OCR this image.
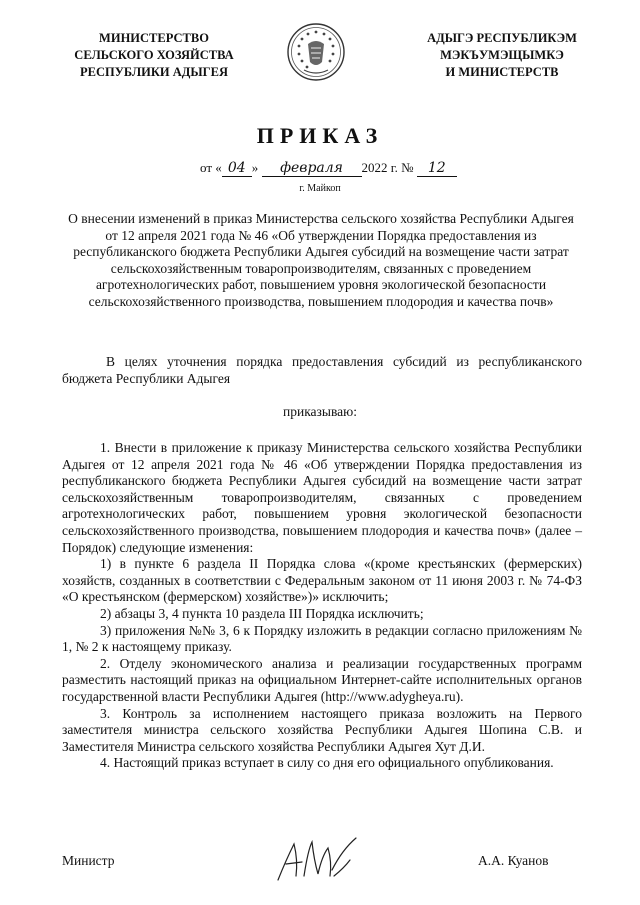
МИНИСТЕРСТВО
СЕЛЬСКОГО ХОЗЯЙСТВА
РЕСПУБЛИКИ АДЫГЕЯ
АДЫГЭ РЕСПУБЛИКЭМ
МЭКЪУМЭЩЫМКЭ
И МИНИСТЕРСТВ
ПРИКАЗ
от « 04 » февраля 2022 г. № 12
г. Майкоп
О внесении изменений в приказ Министерства сельского хозяйства Республики Адыгея от 12 апреля 2021 года № 46 «Об утверждении Порядка предоставления из республиканского бюджета Республики Адыгея субсидий на возмещение части затрат сельскохозяйственным товаропроизводителям, связанных с проведением агротехнологических работ, повышением уровня экологической безопасности сельскохозяйственного производства, повышением плодородия и качества почв»
В целях уточнения порядка предоставления субсидий из республиканского бюджета Республики Адыгея
приказываю:

1. Внести в приложение к приказу Министерства сельского хозяйства Республики Адыгея от 12 апреля 2021 года № 46 «Об утверждении Порядка предоставления из республиканского бюджета Республики Адыгея субсидий на возмещение части затрат сельскохозяйственным товаропроизводителям, связанных с проведением агротехнологических работ, повышением уровня экологической безопасности сельскохозяйственного производства, повышением плодородия и качества почв» (далее – Порядок) следующие изменения:

1) в пункте 6 раздела II Порядка слова «(кроме крестьянских (фермерских) хозяйств, созданных в соответствии с Федеральным законом от 11 июня 2003 г. № 74-ФЗ «О крестьянском (фермерском) хозяйстве»)» исключить;

2) абзацы 3, 4 пункта 10 раздела III Порядка исключить;

3) приложения №№ 3, 6 к Порядку изложить в редакции согласно приложениям № 1, № 2 к настоящему приказу.

2. Отделу экономического анализа и реализации государственных программ разместить настоящий приказ на официальном Интернет-сайте исполнительных органов государственной власти Республики Адыгея (http://www.adygheya.ru).

3. Контроль за исполнением настоящего приказа возложить на Первого заместителя министра сельского хозяйства Республики Адыгея Шопина С.В. и Заместителя Министра сельского хозяйства Республики Адыгея Хут Д.И.

4. Настоящий приказ вступает в силу со дня его официального опубликования.

Министр	А.А. Куанов
